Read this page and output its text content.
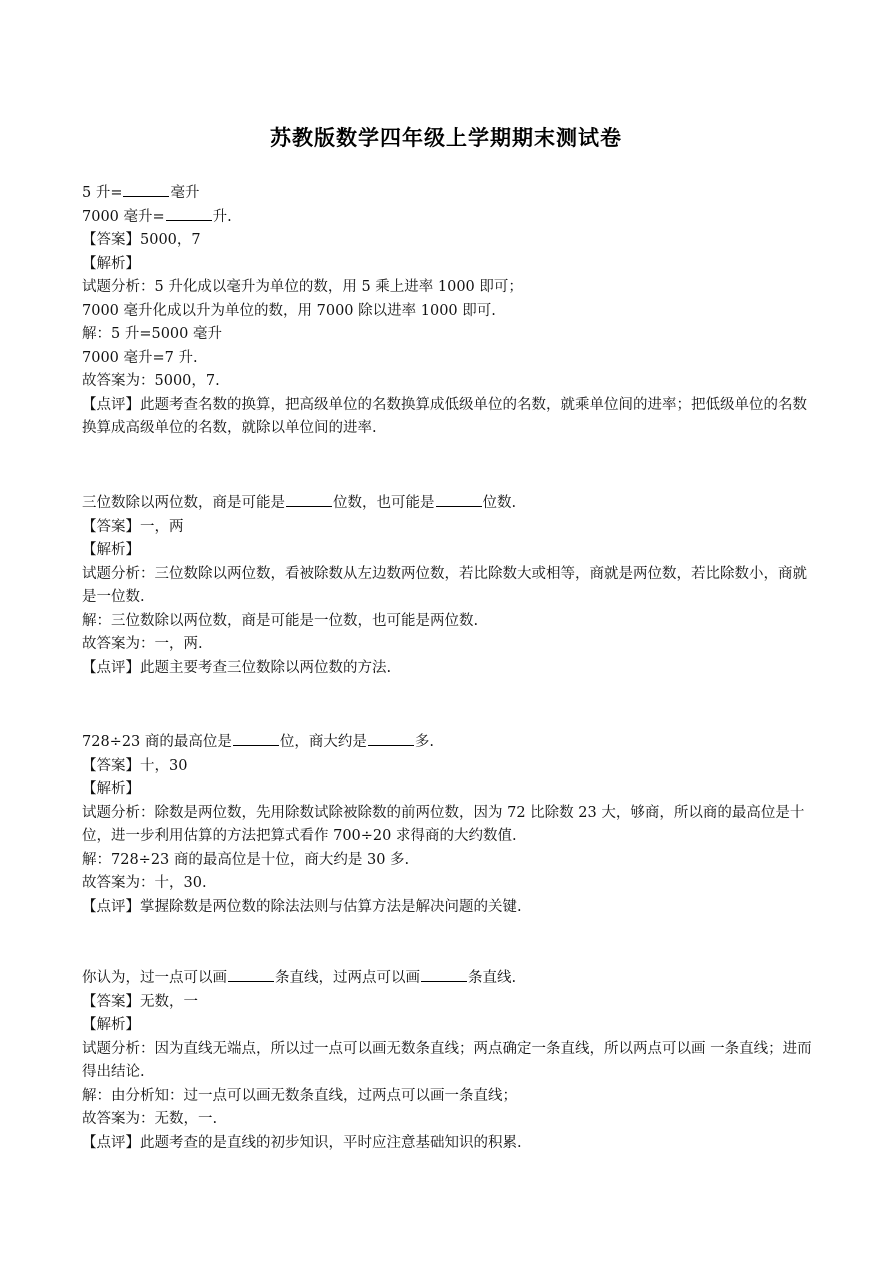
苏教版数学四年级上学期期末测试卷
5 升=	毫升
7000 毫升=	升.
【答案】5000，7
【解析】
试题分析：5 升化成以毫升为单位的数，用 5 乘上进率 1000 即可；
7000 毫升化成以升为单位的数，用 7000 除以进率 1000 即可.
解：5 升=5000 毫升
7000 毫升=7 升.
故答案为：5000，7.
【点评】此题考查名数的换算，把高级单位的名数换算成低级单位的名数，就乘单位间的进率；把低级单位的名数换算成高级单位的名数，就除以单位间的进率.
三位数除以两位数，商是可能是	位数，也可能是	位数.
【答案】一，两
【解析】
试题分析：三位数除以两位数，看被除数从左边数两位数，若比除数大或相等，商就是两位数，若比除数小，商就是一位数.
解：三位数除以两位数，商是可能是一位数，也可能是两位数.
故答案为：一，两.
【点评】此题主要考查三位数除以两位数的方法.
728÷23 商的最高位是	位，商大约是	多.
【答案】十，30
【解析】
试题分析：除数是两位数，先用除数试除被除数的前两位数，因为 72 比除数 23 大，够商，所以商的最高位是十位，进一步利用估算的方法把算式看作 700÷20 求得商的大约数值.
解：728÷23 商的最高位是十位，商大约是 30 多.
故答案为：十，30.
【点评】掌握除数是两位数的除法法则与估算方法是解决问题的关键.
你认为，过一点可以画	条直线，过两点可以画	条直线.
【答案】无数，一
【解析】
试题分析：因为直线无端点，所以过一点可以画无数条直线；两点确定一条直线，所以两点可以画 一条直线；进而得出结论.
解：由分析知：过一点可以画无数条直线，过两点可以画一条直线；
故答案为：无数，一.
【点评】此题考查的是直线的初步知识，平时应注意基础知识的积累.
